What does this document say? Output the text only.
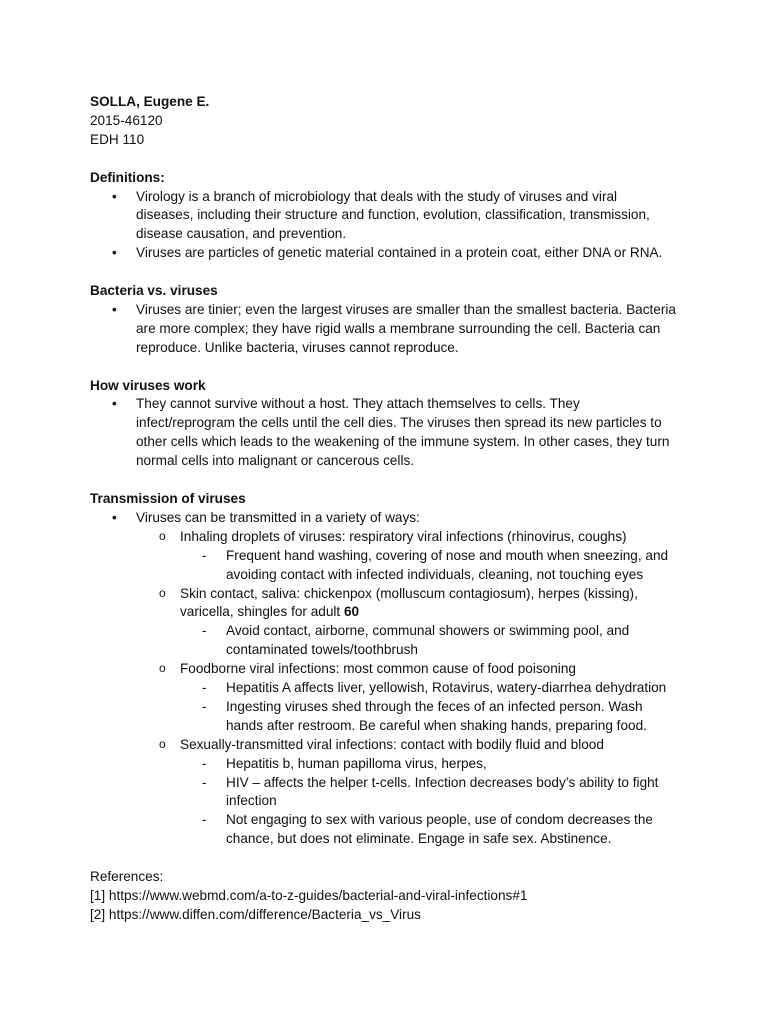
SOLLA, Eugene E.
2015-46120
EDH 110
Definitions:
• Virology is a branch of microbiology that deals with the study of viruses and viral
diseases, including their structure and function, evolution, classification, transmission,
disease causation, and prevention.
• Viruses are particles of genetic material contained in a protein coat, either DNA or RNA.
Bacteria vs. viruses
• Viruses are tinier; even the largest viruses are smaller than the smallest bacteria. Bacteria
are more complex; they have rigid walls a membrane surrounding the cell. Bacteria can
reproduce. Unlike bacteria, viruses cannot reproduce.
How viruses work
• They cannot survive without a host. They attach themselves to cells. They
infect/reprogram the cells until the cell dies. The viruses then spread its new particles to
other cells which leads to the weakening of the immune system. In other cases, they turn
normal cells into malignant or cancerous cells.
Transmission of viruses
• Viruses can be transmitted in a variety of ways:
o Inhaling droplets of viruses: respiratory viral infections (rhinovirus, coughs)
- Frequent hand washing, covering of nose and mouth when sneezing, and
avoiding contact with infected individuals, cleaning, not touching eyes
o Skin contact, saliva: chickenpox (molluscum contagiosum), herpes (kissing),
varicella, shingles for adult 60
- Avoid contact, airborne, communal showers or swimming pool, and
contaminated towels/toothbrush
o Foodborne viral infections: most common cause of food poisoning
- Hepatitis A affects liver, yellowish, Rotavirus, watery-diarrhea dehydration
- Ingesting viruses shed through the feces of an infected person. Wash
hands after restroom. Be careful when shaking hands, preparing food.
o Sexually-transmitted viral infections: contact with bodily fluid and blood
- Hepatitis b, human papilloma virus, herpes,
- HIV – affects the helper t-cells. Infection decreases body’s ability to fight
infection
- Not engaging to sex with various people, use of condom decreases the
chance, but does not eliminate. Engage in safe sex. Abstinence.
References:
[1] https://www.webmd.com/a-to-z-guides/bacterial-and-viral-infections#1
[2] https://www.diffen.com/difference/Bacteria_vs_Virus
